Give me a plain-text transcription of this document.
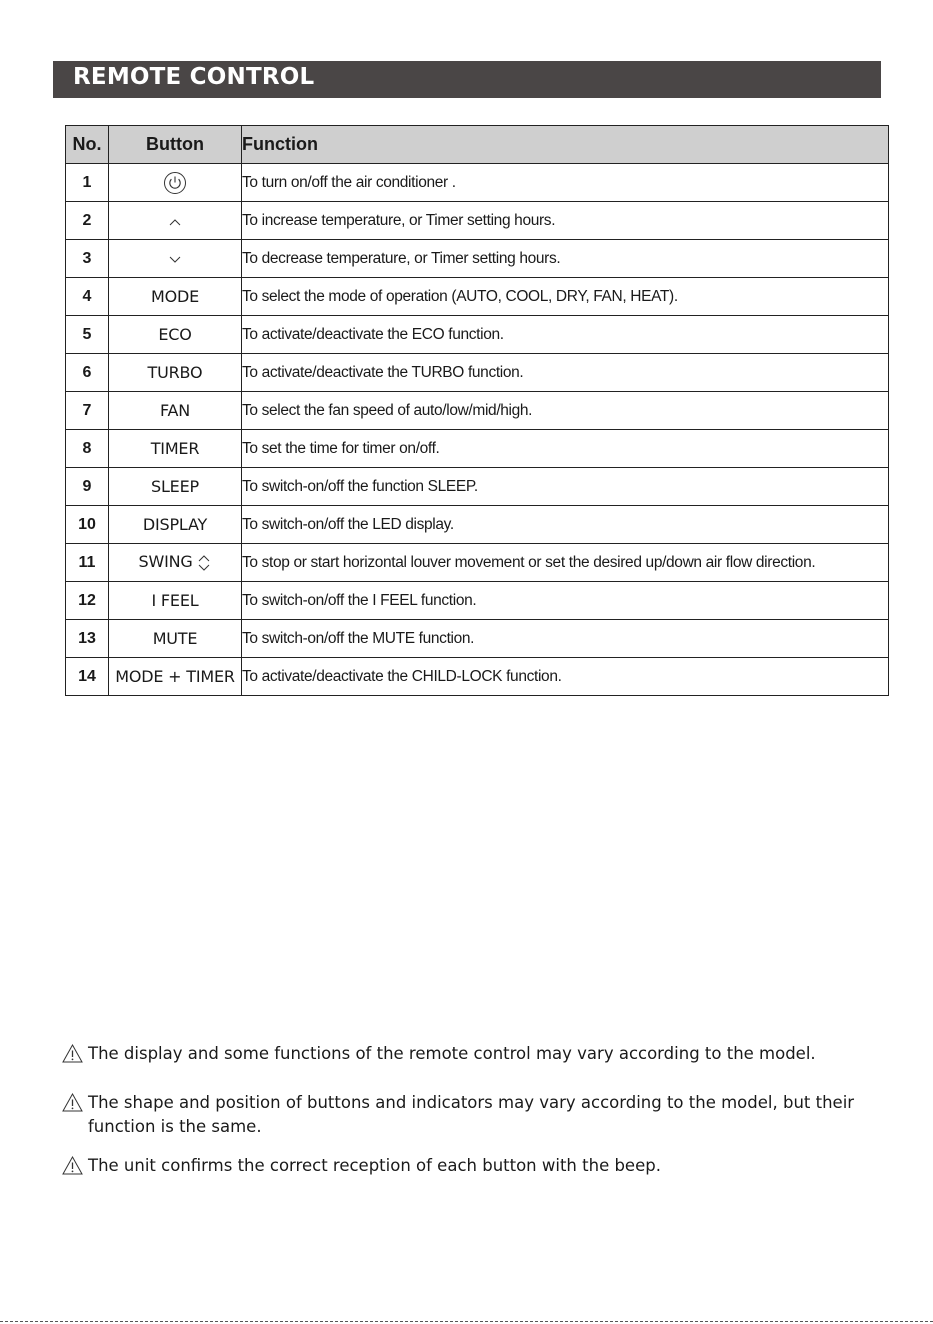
REMOTE CONTROL
No.	Button	Function
1		To turn on/off the air conditioner .
2		To increase temperature, or Timer setting hours.
3		To decrease temperature, or Timer setting hours.
4	MODE	To select the mode of operation (AUTO, COOL, DRY, FAN, HEAT).
5	ECO	To activate/deactivate the ECO function.
6	TURBO	To activate/deactivate the TURBO function.
7	FAN	To select the fan speed of auto/low/mid/high.
8	TIMER	To set the time for timer on/off.
9	SLEEP	To switch-on/off the function SLEEP.
10	DISPLAY	To switch-on/off the LED display.
11	SWING	To stop or start horizontal louver movement or set the desired up/down air flow direction.
12	I FEEL	To switch-on/off the I FEEL function.
13	MUTE	To switch-on/off the MUTE function.
14	MODE + TIMER	To activate/deactivate the CHILD-LOCK function.
The display and some functions of the remote control may vary according to the model.
The shape and position of buttons and indicators may vary according to the model, but their function is the same.
The unit confirms the correct reception of each button with the beep.
